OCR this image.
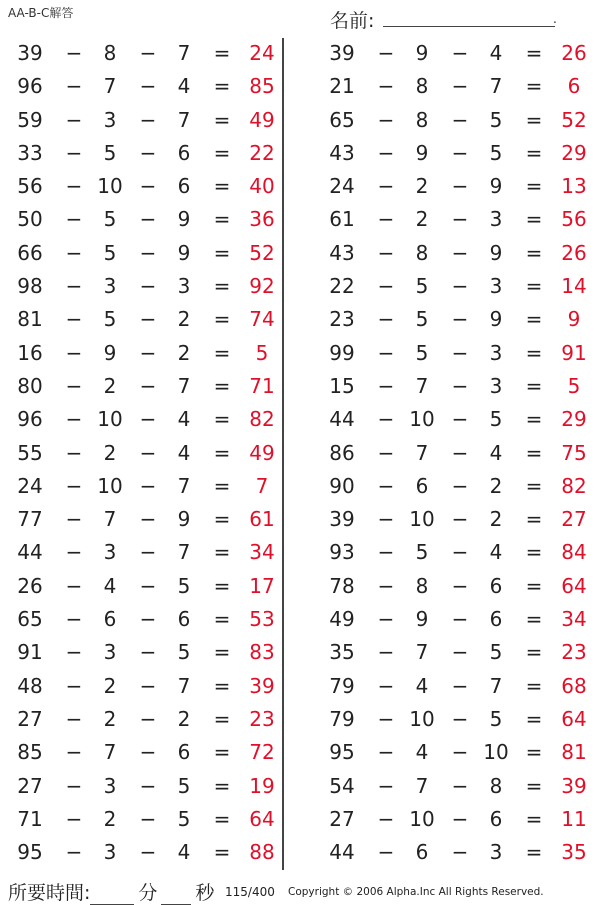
AA-B-C解答	名前:	.
39	−	8	−	7	= 24
96	−	7	−	4	= 85
59	−	3	−	7	= 49
33	−	5	−	6	= 22
56	− 10 −	6	= 40
50	−	5	−	9	= 36
66	−	5	−	9	= 52
98	−	3	−	3	= 92
81	−	5	−	2	= 74
16	−	9	−	2	=	5
80	−	2	−	7	= 71
96	− 10 −	4	= 82
55	−	2	−	4	= 49
24	− 10 −	7	=	7
77	−	7	−	9	= 61
44	−	3	−	7	= 34
26	−	4	−	5	= 17
65	−	6	−	6	= 53
91	−	3	−	5	= 83
48	−	2	−	7	= 39
27	−	2	−	2	= 23
85	−	7	−	6	= 72
27	−	3	−	5	= 19
71	−	2	−	5	= 64
95	−	3	−	4	= 88
39	−	9	−	4	= 26
21	−	8	−	7	=	6
65	−	8	−	5	= 52
43	−	9	−	5	= 29
24	−	2	−	9	= 13
61	−	2	−	3	= 56
43	−	8	−	9	= 26
22	−	5	−	3	= 14
23	−	5	−	9	=	9
99	−	5	−	3	= 91
15	−	7	−	3	=	5
44	− 10 −	5	= 29
86	−	7	−	4	= 75
90	−	6	−	2	= 82
39	− 10 −	2	= 27
93	−	5	−	4	= 84
78	−	8	−	6	= 64
49	−	9	−	6	= 34
35	−	7	−	5	= 23
79	−	4	−	7	= 68
79	− 10 −	5	= 64
95	−	4	− 10 = 81
54	−	7	−	8	= 39
27	− 10 −	6	= 11
44	−	6	−	3	= 35
所要時間:	分 秒 115/400 Copyright © 2006 Alpha.Inc All Rights Reserved.
